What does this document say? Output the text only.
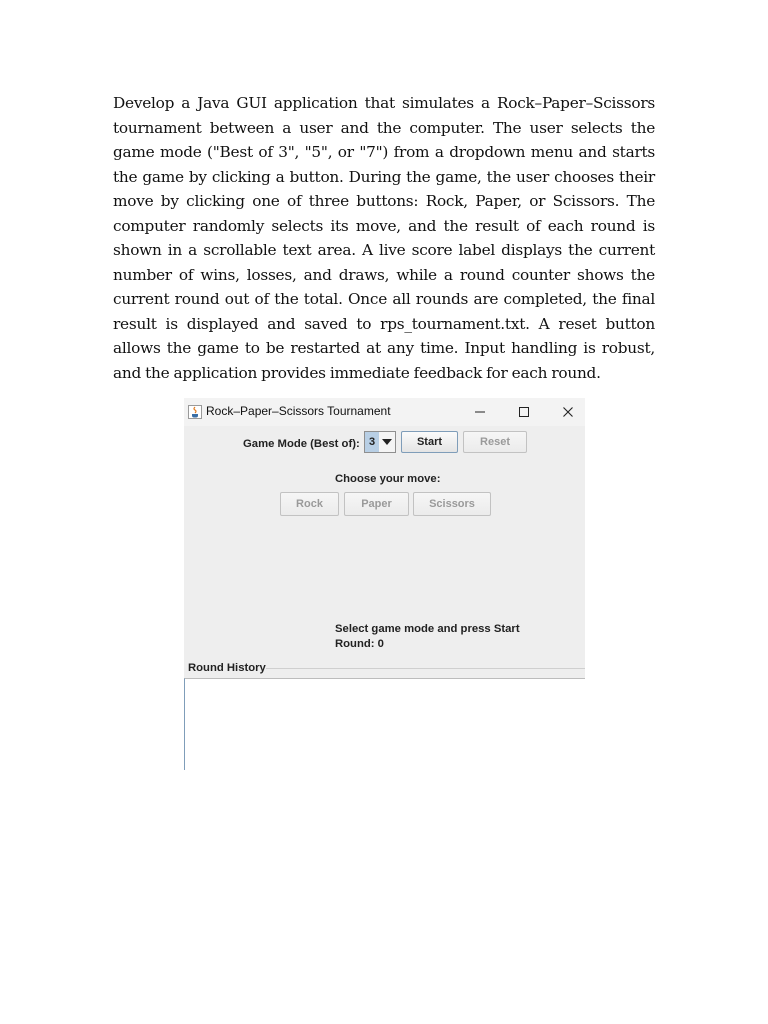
Develop a Java GUI application that simulates a Rock–Paper–Scissors tournament between a user and the computer. The user selects the game mode ("Best of 3", "5", or "7") from a dropdown menu and starts the game by clicking a button. During the game, the user chooses their move by clicking one of three buttons: Rock, Paper, or Scissors. The computer randomly selects its move, and the result of each round is shown in a scrollable text area. A live score label displays the current number of wins, losses, and draws, while a round counter shows the current round out of the total. Once all rounds are completed, the final result is displayed and saved to rps_tournament.txt. A reset button allows the game to be restarted at any time. Input handling is robust, and the application provides immediate feedback for each round.
Rock–Paper–Scissors Tournament
Game Mode (Best of): 3	Start	Reset
Choose your move:
Rock	Paper	Scissors
Select game mode and press Start
Round: 0
Round History
